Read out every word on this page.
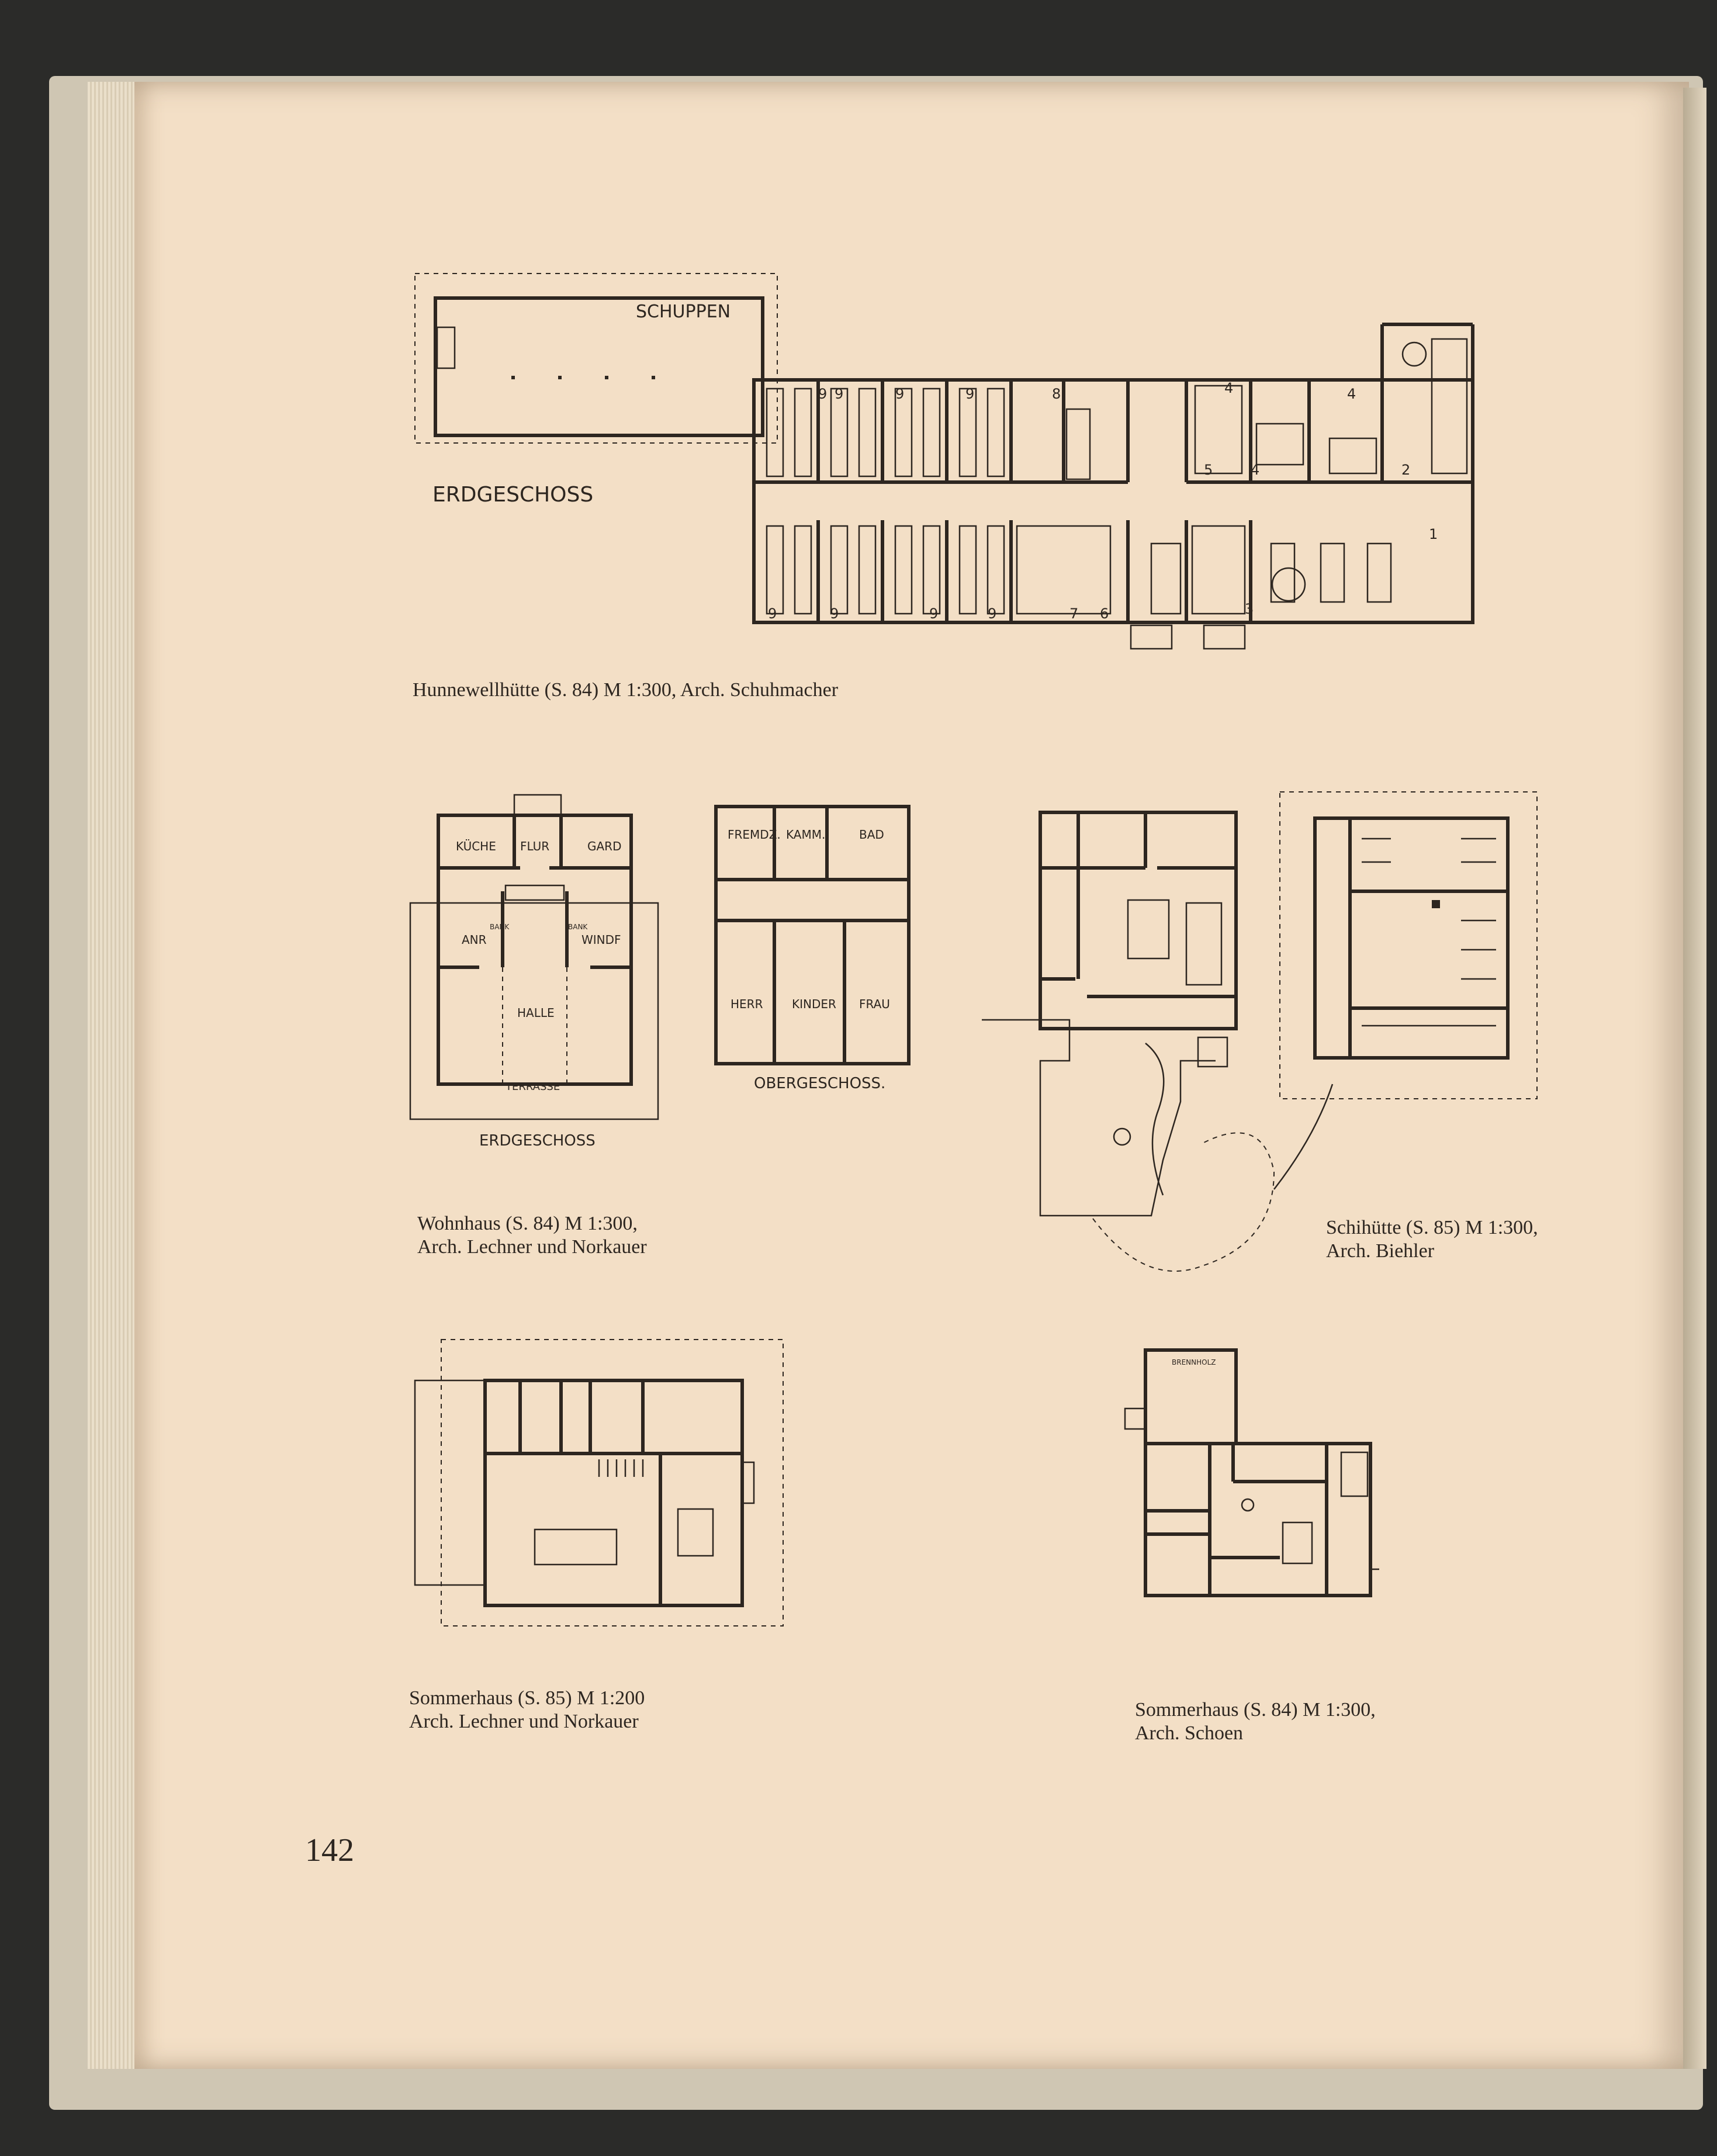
SCHUPPEN
ERDGESCHOSS
9 9	9	9	8	4	4
2
5	4
9	9	9	9	7 6	3
1
Hunnewellhütte (S. 84) M 1:300, Arch. Schuhmacher
KÜCHE FLUR	GARD
ANR
BANK	BANK
WINDF
HALLE
TERRASSE
ERDGESCHOSS
FREMDZ. KAMM.	BAD
HERR KINDER FRAU
OBERGESCHOSS.
Wohnhaus (S. 84) M 1:300,
Arch. Lechner und Norkauer
Schihütte (S. 85) M 1:300,
Arch. Biehler
Sommerhaus (S. 85) M 1:200
Arch. Lechner und Norkauer
BRENNHOLZ
Sommerhaus (S. 84) M 1:300,
Arch. Schoen
142
